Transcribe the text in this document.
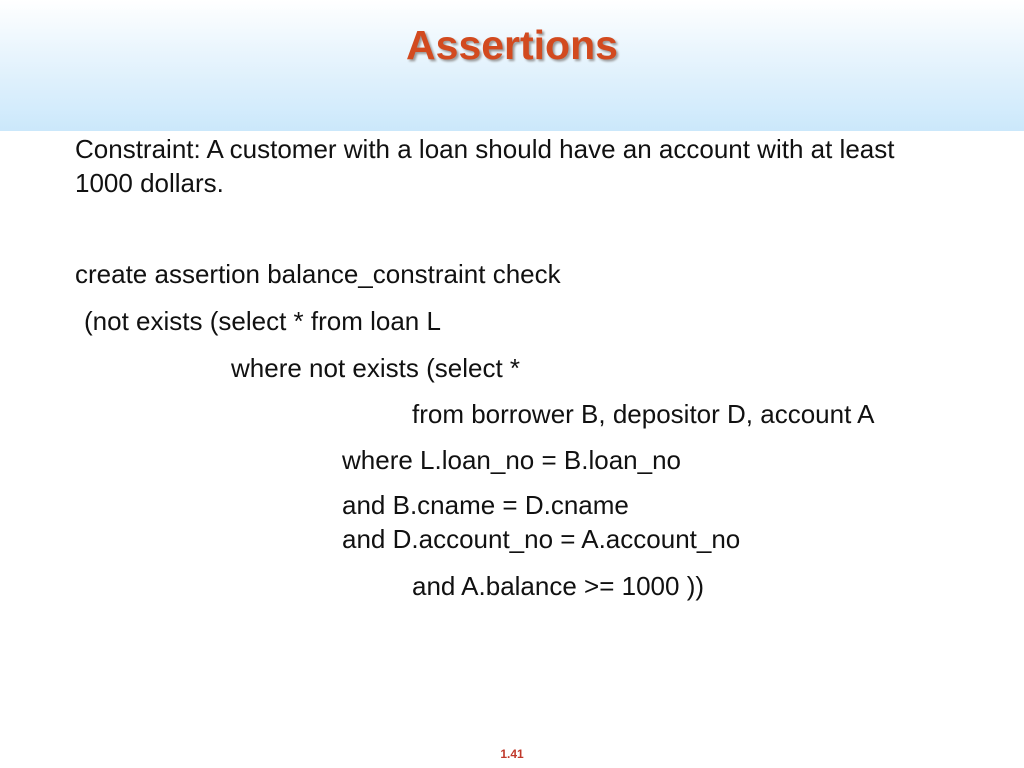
Assertions

Constraint: A customer with a loan should have an account with at least 1000 dollars.

create assertion balance_constraint check

(not exists (select * from loan L

where not exists (select *

from borrower B, depositor D, account A

where L.loan_no = B.loan_no

and B.cname = D.cname

and D.account_no = A.account_no

and A.balance >= 1000 ))

1.41
